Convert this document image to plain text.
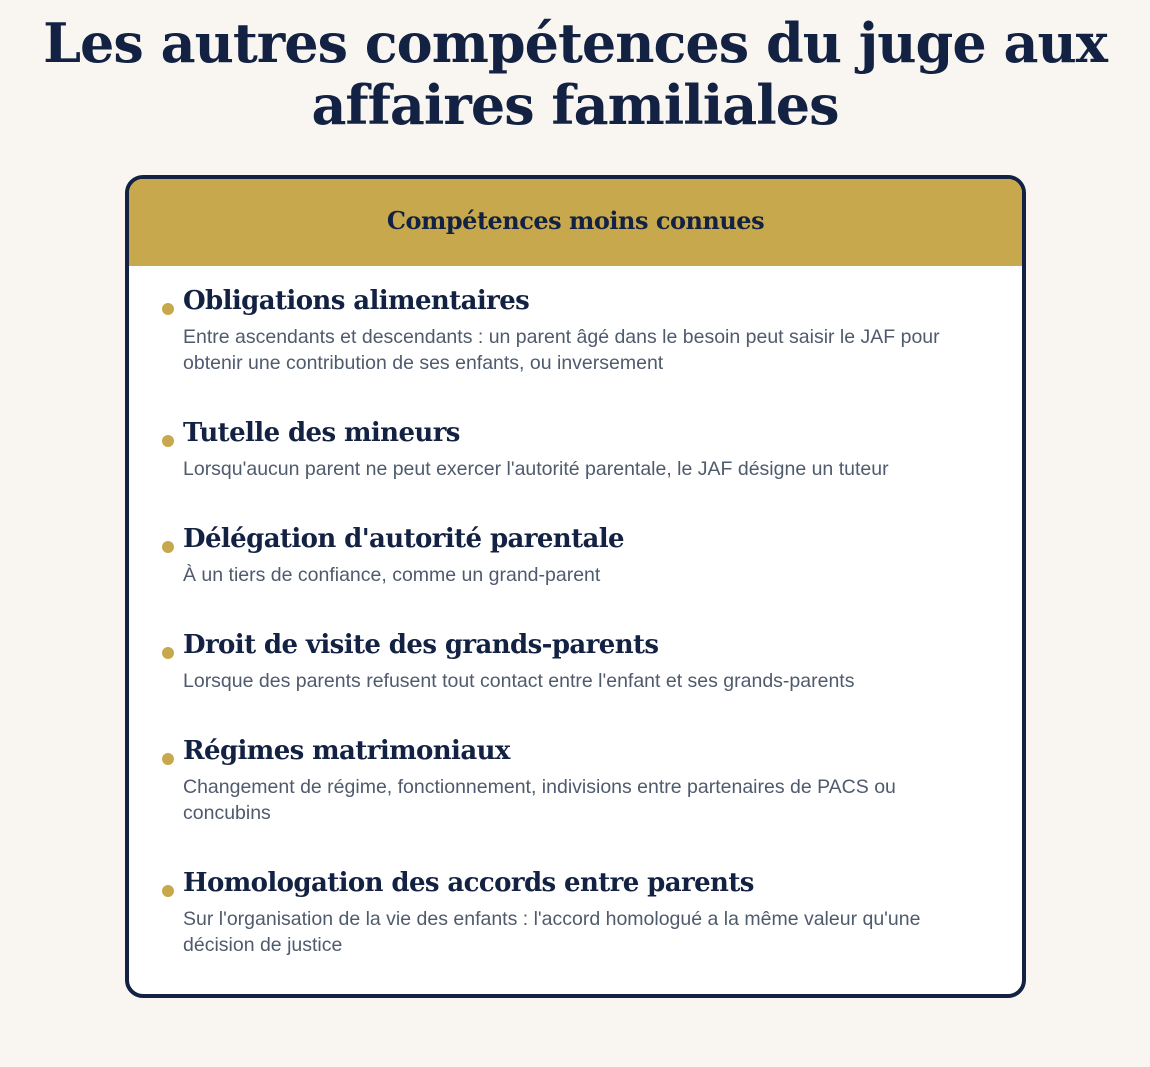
Les autres compétences du juge aux
affaires familiales
Compétences moins connues
Obligations alimentaires
Entre ascendants et descendants : un parent âgé dans le besoin peut saisir le JAF pour
obtenir une contribution de ses enfants, ou inversement
Tutelle des mineurs
Lorsqu'aucun parent ne peut exercer l'autorité parentale, le JAF désigne un tuteur
Délégation d'autorité parentale
À un tiers de confiance, comme un grand-parent
Droit de visite des grands-parents
Lorsque des parents refusent tout contact entre l'enfant et ses grands-parents
Régimes matrimoniaux
Changement de régime, fonctionnement, indivisions entre partenaires de PACS ou
concubins
Homologation des accords entre parents
Sur l'organisation de la vie des enfants : l'accord homologué a la même valeur qu'une
décision de justice
